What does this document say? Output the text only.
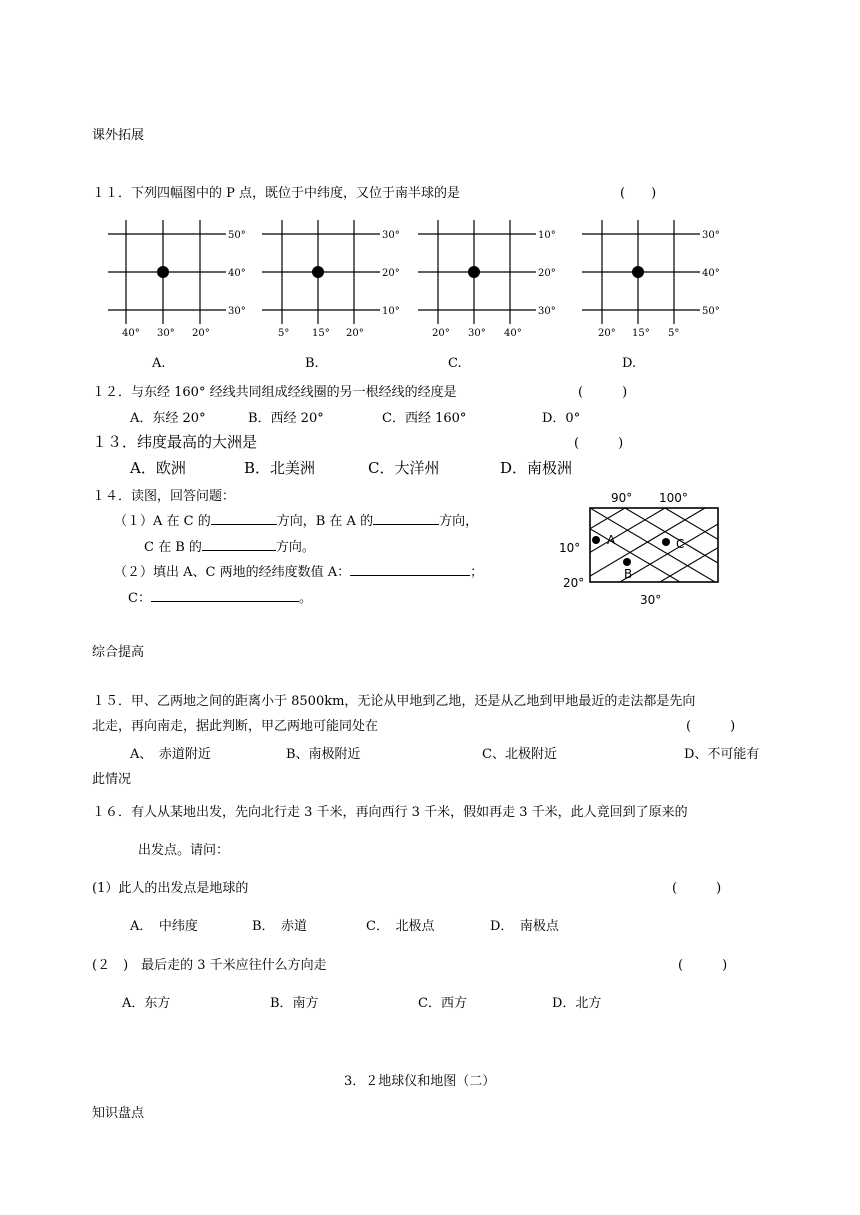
课外拓展
１１．下列四幅图中的 P 点，既位于中纬度，又位于南半球的是	(　　)
50°
40°
30°
40° 30° 20°
30°
20°
10°
5° 15° 20°
10°
20°
30°
20° 30° 40°
30°
40°
50°
20° 15° 5°
A.	B.	C.	D.
１２．与东经 160° 经线共同组成经线圈的另一根经线的经度是	(　　　)
A．东经 20°	B．西经 20°	C．西经 160°	D．0°
１３．纬度最高的大洲是	(　　　)
A．欧洲	B．北美洲	C．大洋州	D．南极洲
１４．读图，回答问题：
（１）A 在 C 的	方向，B 在 A 的	方向，
C 在 B 的	方向。
（２）填出 A、C 两地的经纬度数值 A：	；
C：	。
A
B
C
90° 100°
10°
20°
30°
综合提高
１５．甲、乙两地之间的距离小于 8500km，无论从甲地到乙地，还是从乙地到甲地最近的走法都是先向
北走，再向南走，据此判断，甲乙两地可能同处在	(　　　)
A、　赤道附近	B、南极附近	C、北极附近	D、不可能有
此情况
１６．有人从某地出发，先向北行走 3 千米，再向西行 3 千米，假如再走 3 千米，此人竟回到了原来的
出发点。请问：
(1）此人的出发点是地球的	(　　　)
A．　中纬度	B．　赤道	C．　北极点	D．　南极点
(２　)　最后走的 3 千米应往什么方向走	(　　　)
A．东方	B．南方	C．西方	D．北方
3．２地球仪和地图（二）
知识盘点
